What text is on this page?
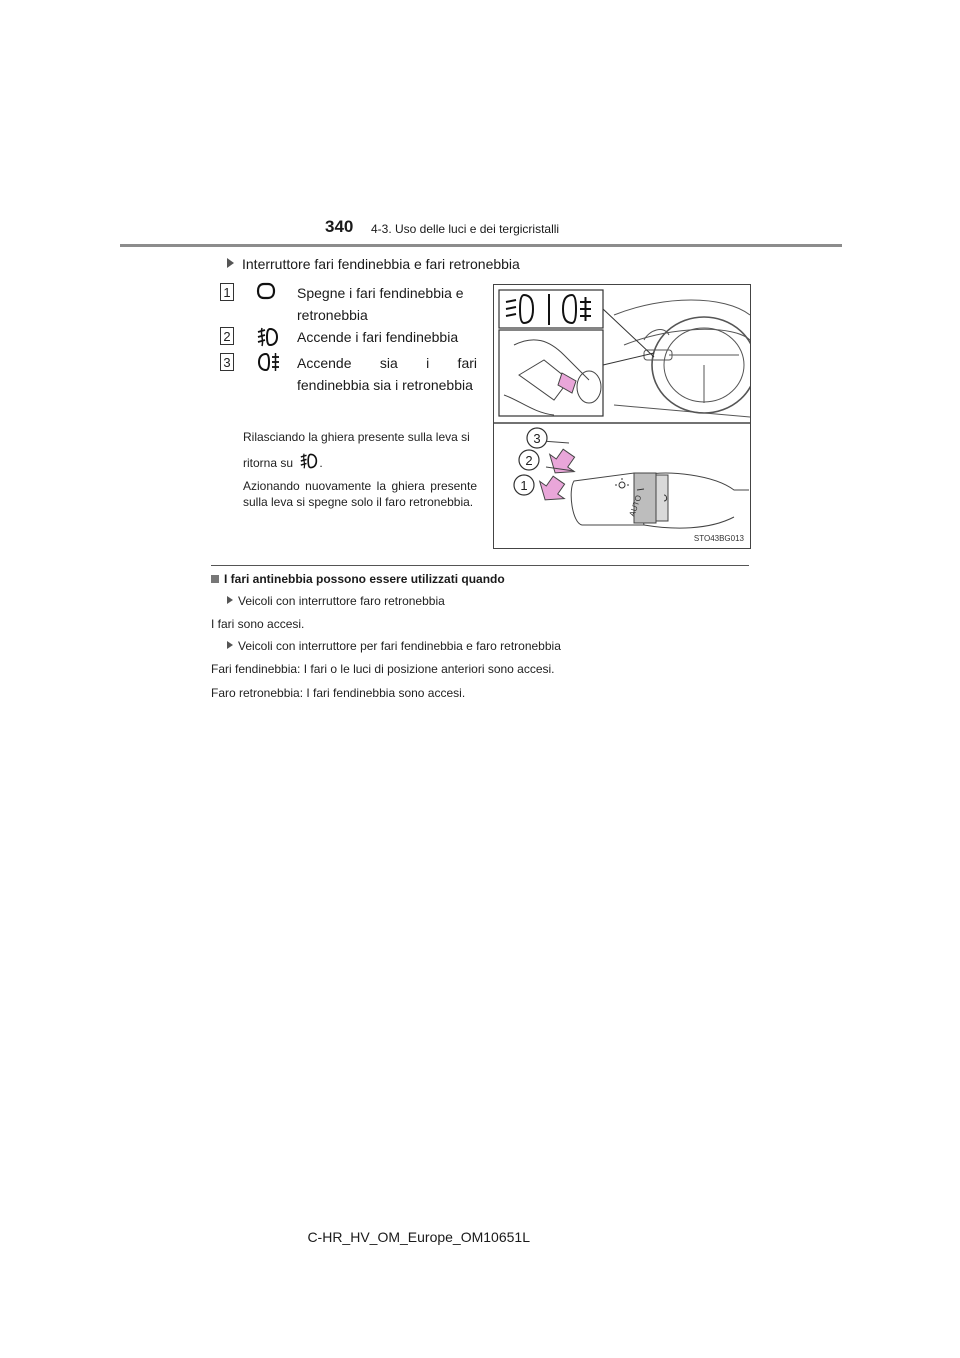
340 4-3. Uso delle luci e dei tergicristalli
Interruttore fari fendinebbia e fari retronebbia
1	Spegne i fari fendinebbia e retronebbia
2	Accende i fari fendinebbia
3	Accende sia i fari fendinebbia sia i retronebbia
Rilasciando la ghiera presente sulla leva si ritorna su .
Azionando nuovamente la ghiera presente sulla leva si spegne solo il faro retronebbia.	AUTO
3
2
1
STO43BG013
I fari antinebbia possono essere utilizzati quando
Veicoli con interruttore faro retronebbia
I fari sono accesi.
Veicoli con interruttore per fari fendinebbia e faro retronebbia
Fari fendinebbia: I fari o le luci di posizione anteriori sono accesi.
Faro retronebbia: I fari fendinebbia sono accesi.
C-HR_HV_OM_Europe_OM10651L
